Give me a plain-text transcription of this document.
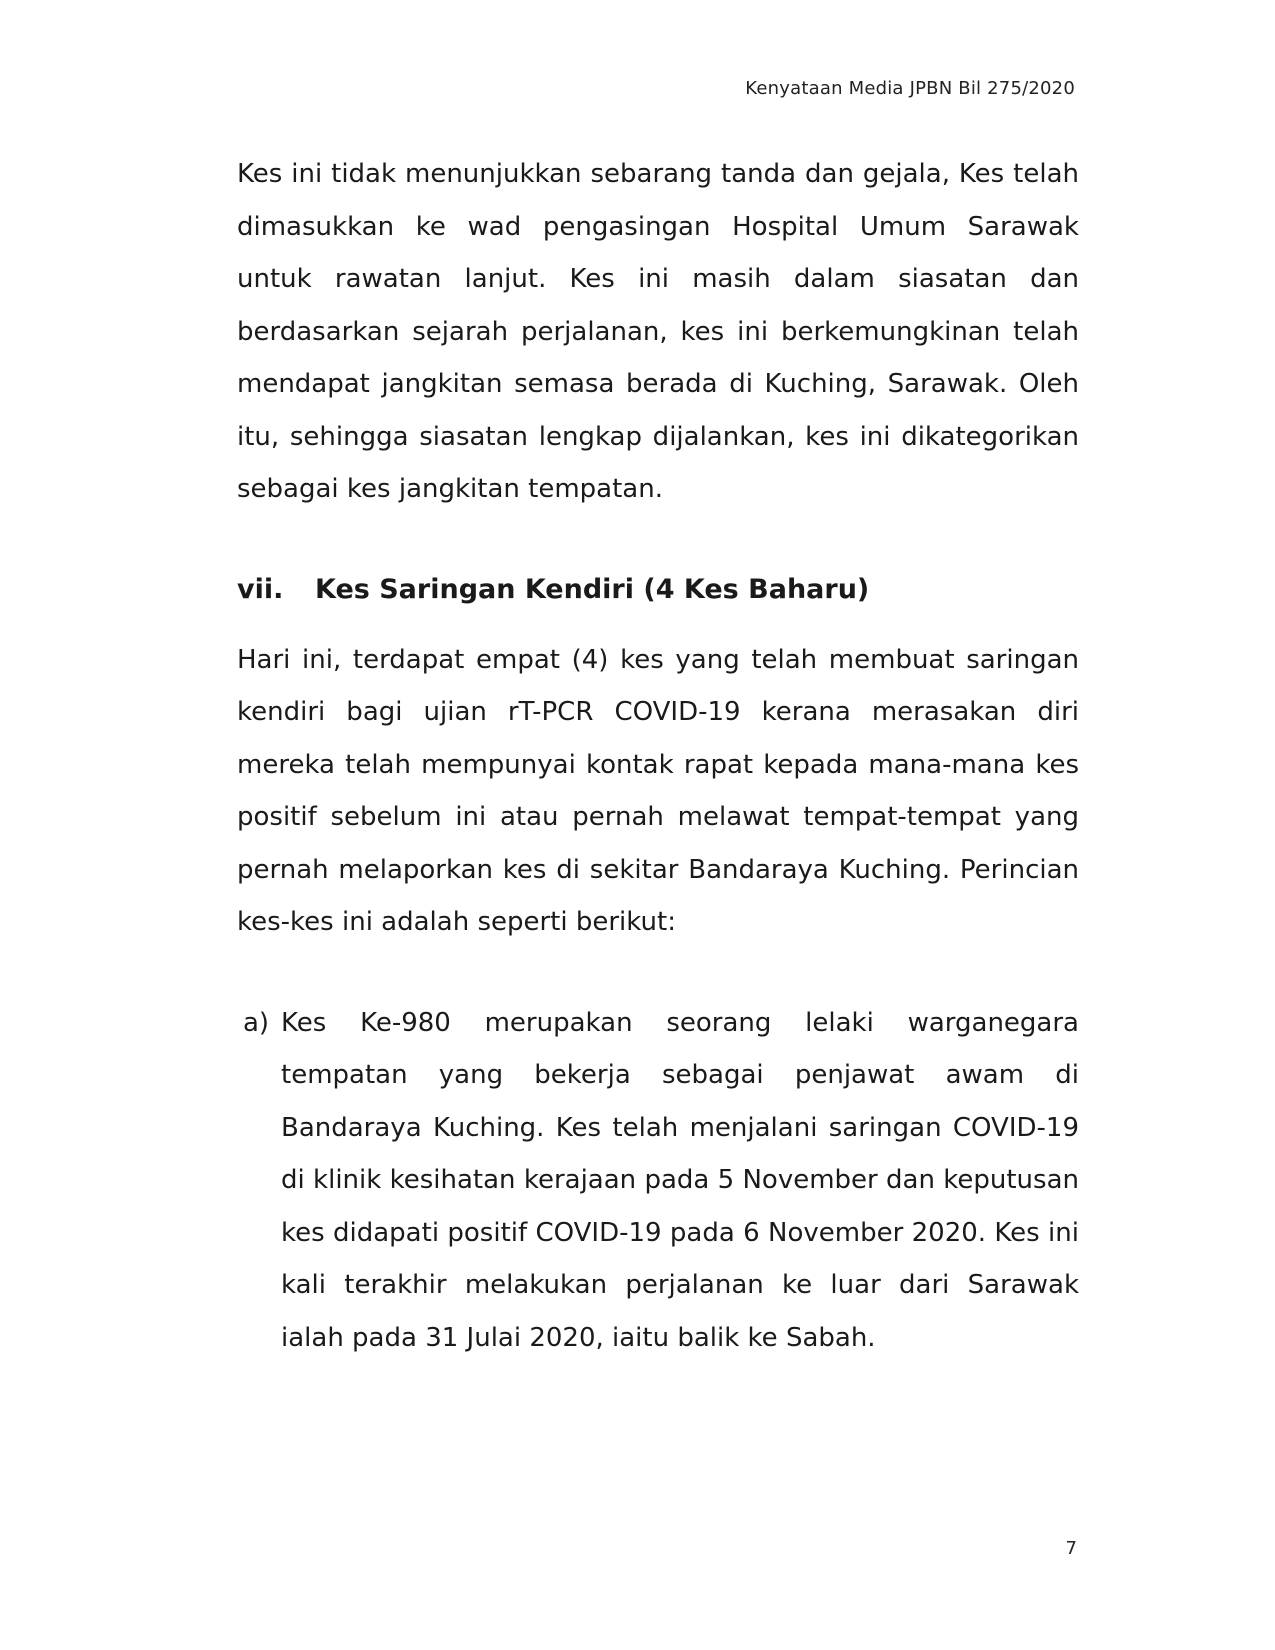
Kenyataan Media JPBN Bil 275/2020

Kes ini tidak menunjukkan sebarang tanda dan gejala, Kes telah dimasukkan ke wad pengasingan Hospital Umum Sarawak untuk rawatan lanjut. Kes ini masih dalam siasatan dan berdasarkan sejarah perjalanan, kes ini berkemungkinan telah mendapat jangkitan semasa berada di Kuching, Sarawak. Oleh itu, sehingga siasatan lengkap dijalankan, kes ini dikategorikan sebagai kes jangkitan tempatan.

vii.	Kes Saringan Kendiri (4 Kes Baharu)

Hari ini, terdapat empat (4) kes yang telah membuat saringan kendiri bagi ujian rT-PCR COVID-19 kerana merasakan diri mereka telah mempunyai kontak rapat kepada mana-mana kes positif sebelum ini atau pernah melawat tempat-tempat yang pernah melaporkan kes di sekitar Bandaraya Kuching. Perincian kes-kes ini adalah seperti berikut:

a) Kes Ke-980 merupakan seorang lelaki warganegara tempatan yang bekerja sebagai penjawat awam di Bandaraya Kuching. Kes telah menjalani saringan COVID-19 di klinik kesihatan kerajaan pada 5 November dan keputusan kes didapati positif COVID-19 pada 6 November 2020. Kes ini kali terakhir melakukan perjalanan ke luar dari Sarawak ialah pada 31 Julai 2020, iaitu balik ke Sabah.
7
